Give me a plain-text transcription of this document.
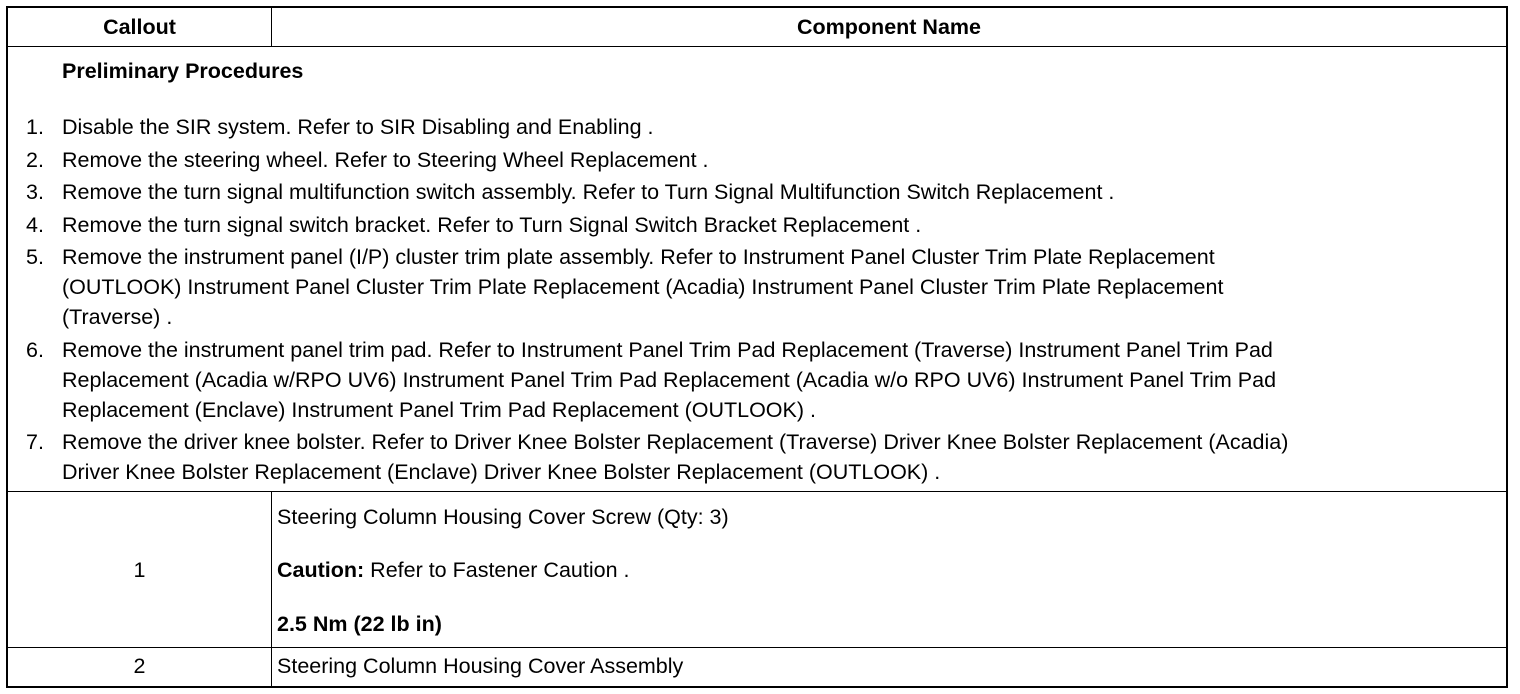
Callout	Component Name
Preliminary Procedures
1. Disable the SIR system. Refer to SIR Disabling and Enabling .
2. Remove the steering wheel. Refer to Steering Wheel Replacement .
3. Remove the turn signal multifunction switch assembly. Refer to Turn Signal Multifunction Switch Replacement .
4. Remove the turn signal switch bracket. Refer to Turn Signal Switch Bracket Replacement .
5. Remove the instrument panel (I/P) cluster trim plate assembly. Refer to Instrument Panel Cluster Trim Plate Replacement
(OUTLOOK) Instrument Panel Cluster Trim Plate Replacement (Acadia) Instrument Panel Cluster Trim Plate Replacement
(Traverse) .
6. Remove the instrument panel trim pad. Refer to Instrument Panel Trim Pad Replacement (Traverse) Instrument Panel Trim Pad
Replacement (Acadia w/RPO UV6) Instrument Panel Trim Pad Replacement (Acadia w/o RPO UV6) Instrument Panel Trim Pad
Replacement (Enclave) Instrument Panel Trim Pad Replacement (OUTLOOK) .
7. Remove the driver knee bolster. Refer to Driver Knee Bolster Replacement (Traverse) Driver Knee Bolster Replacement (Acadia)
Driver Knee Bolster Replacement (Enclave) Driver Knee Bolster Replacement (OUTLOOK) .
1
Steering Column Housing Cover Screw (Qty: 3)
Caution: Refer to Fastener Caution .
2.5 Nm (22 lb in)
2	Steering Column Housing Cover Assembly
